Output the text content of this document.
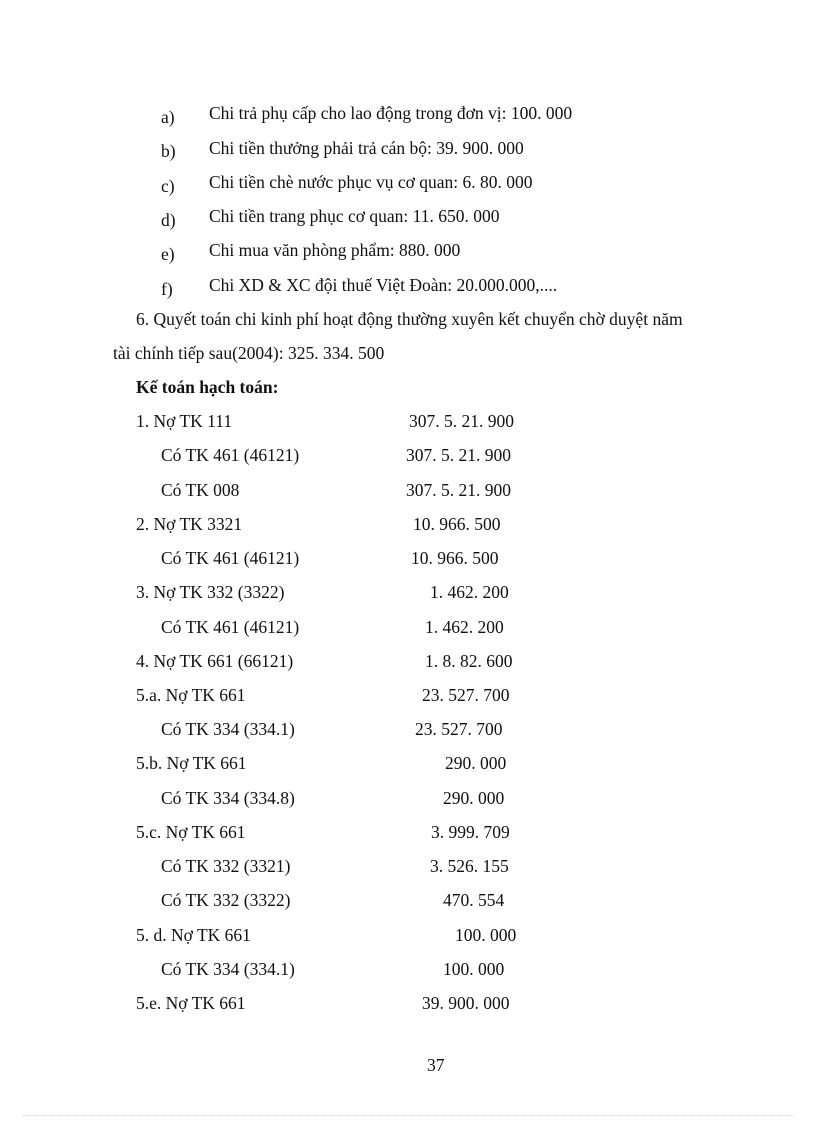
a) Chi trả phụ cấp cho lao động trong đơn vị: 100. 000
b) Chi tiền thưởng phải trả cán bộ: 39. 900. 000
c) Chi tiền chè nước phục vụ cơ quan: 6. 80. 000
d) Chi tiền trang phục cơ quan: 11. 650. 000
e) Chi mua văn phòng phẩm: 880. 000
f) Chi XD & XC đội thuế Việt Đoàn: 20.000.000,....
6. Quyết toán chi kinh phí hoạt động thường xuyên kết chuyển chờ duyệt năm
tài chính tiếp sau(2004): 325. 334. 500
Kế toán hạch toán:
1. Nợ TK 111	307. 5. 21. 900
Có TK 461 (46121)	307. 5. 21. 900
Có TK 008	307. 5. 21. 900
2. Nợ TK 3321	10. 966. 500
Có TK 461 (46121)	10. 966. 500
3. Nợ TK 332 (3322)	1. 462. 200
Có TK 461 (46121)	1. 462. 200
4. Nợ TK 661 (66121)	1. 8. 82. 600
5.a. Nợ TK 661	23. 527. 700
Có TK 334 (334.1)	23. 527. 700
5.b. Nợ TK 661	290. 000
Có TK 334 (334.8)	290. 000
5.c. Nợ TK 661	3. 999. 709
Có TK 332 (3321)	3. 526. 155
Có TK 332 (3322)	470. 554
5. d. Nợ TK 661	100. 000
Có TK 334 (334.1)	100. 000
5.e. Nợ TK 661	39. 900. 000
37
